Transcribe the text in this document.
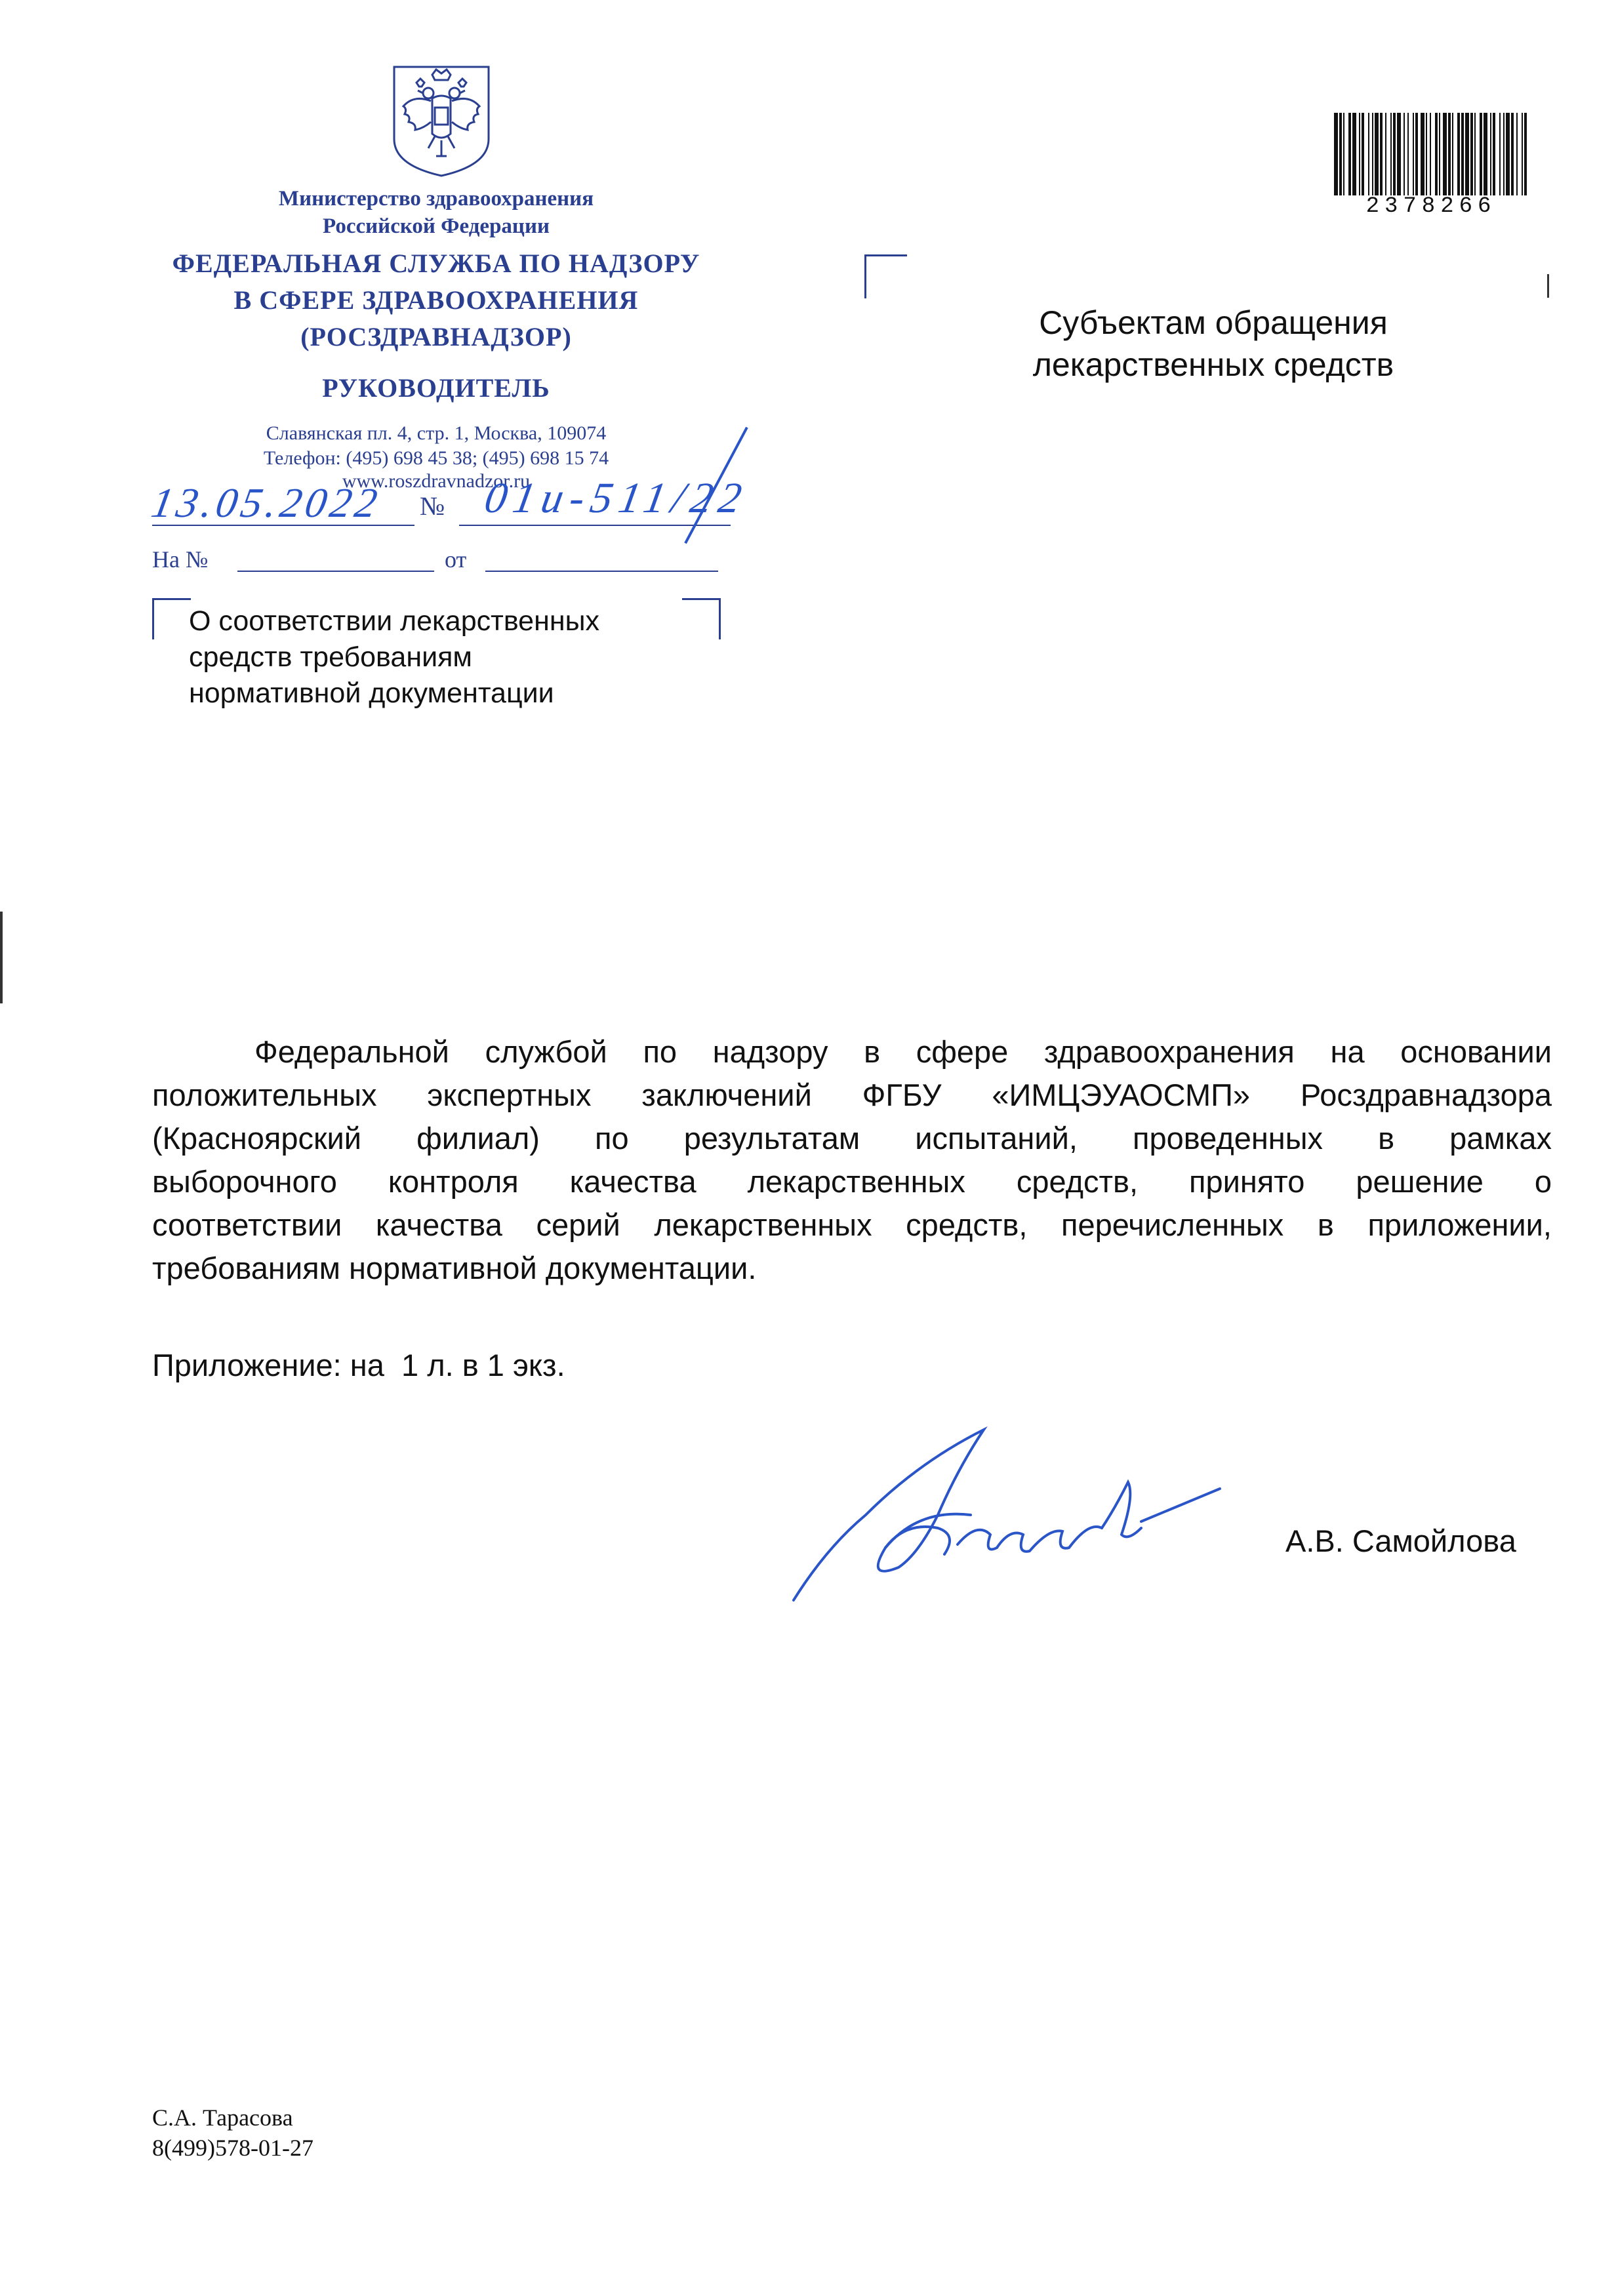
Министерство здравоохранения
Российской Федерации
ФЕДЕРАЛЬНАЯ СЛУЖБА ПО НАДЗОРУ
В СФЕРЕ ЗДРАВООХРАНЕНИЯ
(РОСЗДРАВНАДЗОР)
РУКОВОДИТЕЛЬ
Славянская пл. 4, стр. 1, Москва, 109074
Телефон: (495) 698 45 38; (495) 698 15 74
www.roszdravnadzor.ru
13.05.2022	№ 01и-511/22
На №	от
О соответствии лекарственных
средств требованиям
нормативной документации
Субъектам обращения
лекарственных средств
2378266
Федеральной службой по надзору в сфере здравоохранения на основании
положительных экспертных заключений ФГБУ «ИМЦЭУАОСМП» Росздравнадзора
(Красноярский филиал) по результатам испытаний, проведенных в рамках
выборочного контроля качества лекарственных средств, принято решение о
соответствии качества серий лекарственных средств, перечисленных в приложении,
требованиям нормативной документации.
Приложение: на  1 л. в 1 экз.
А.В. Самойлова
С.А. Тарасова
8(499)578-01-27
